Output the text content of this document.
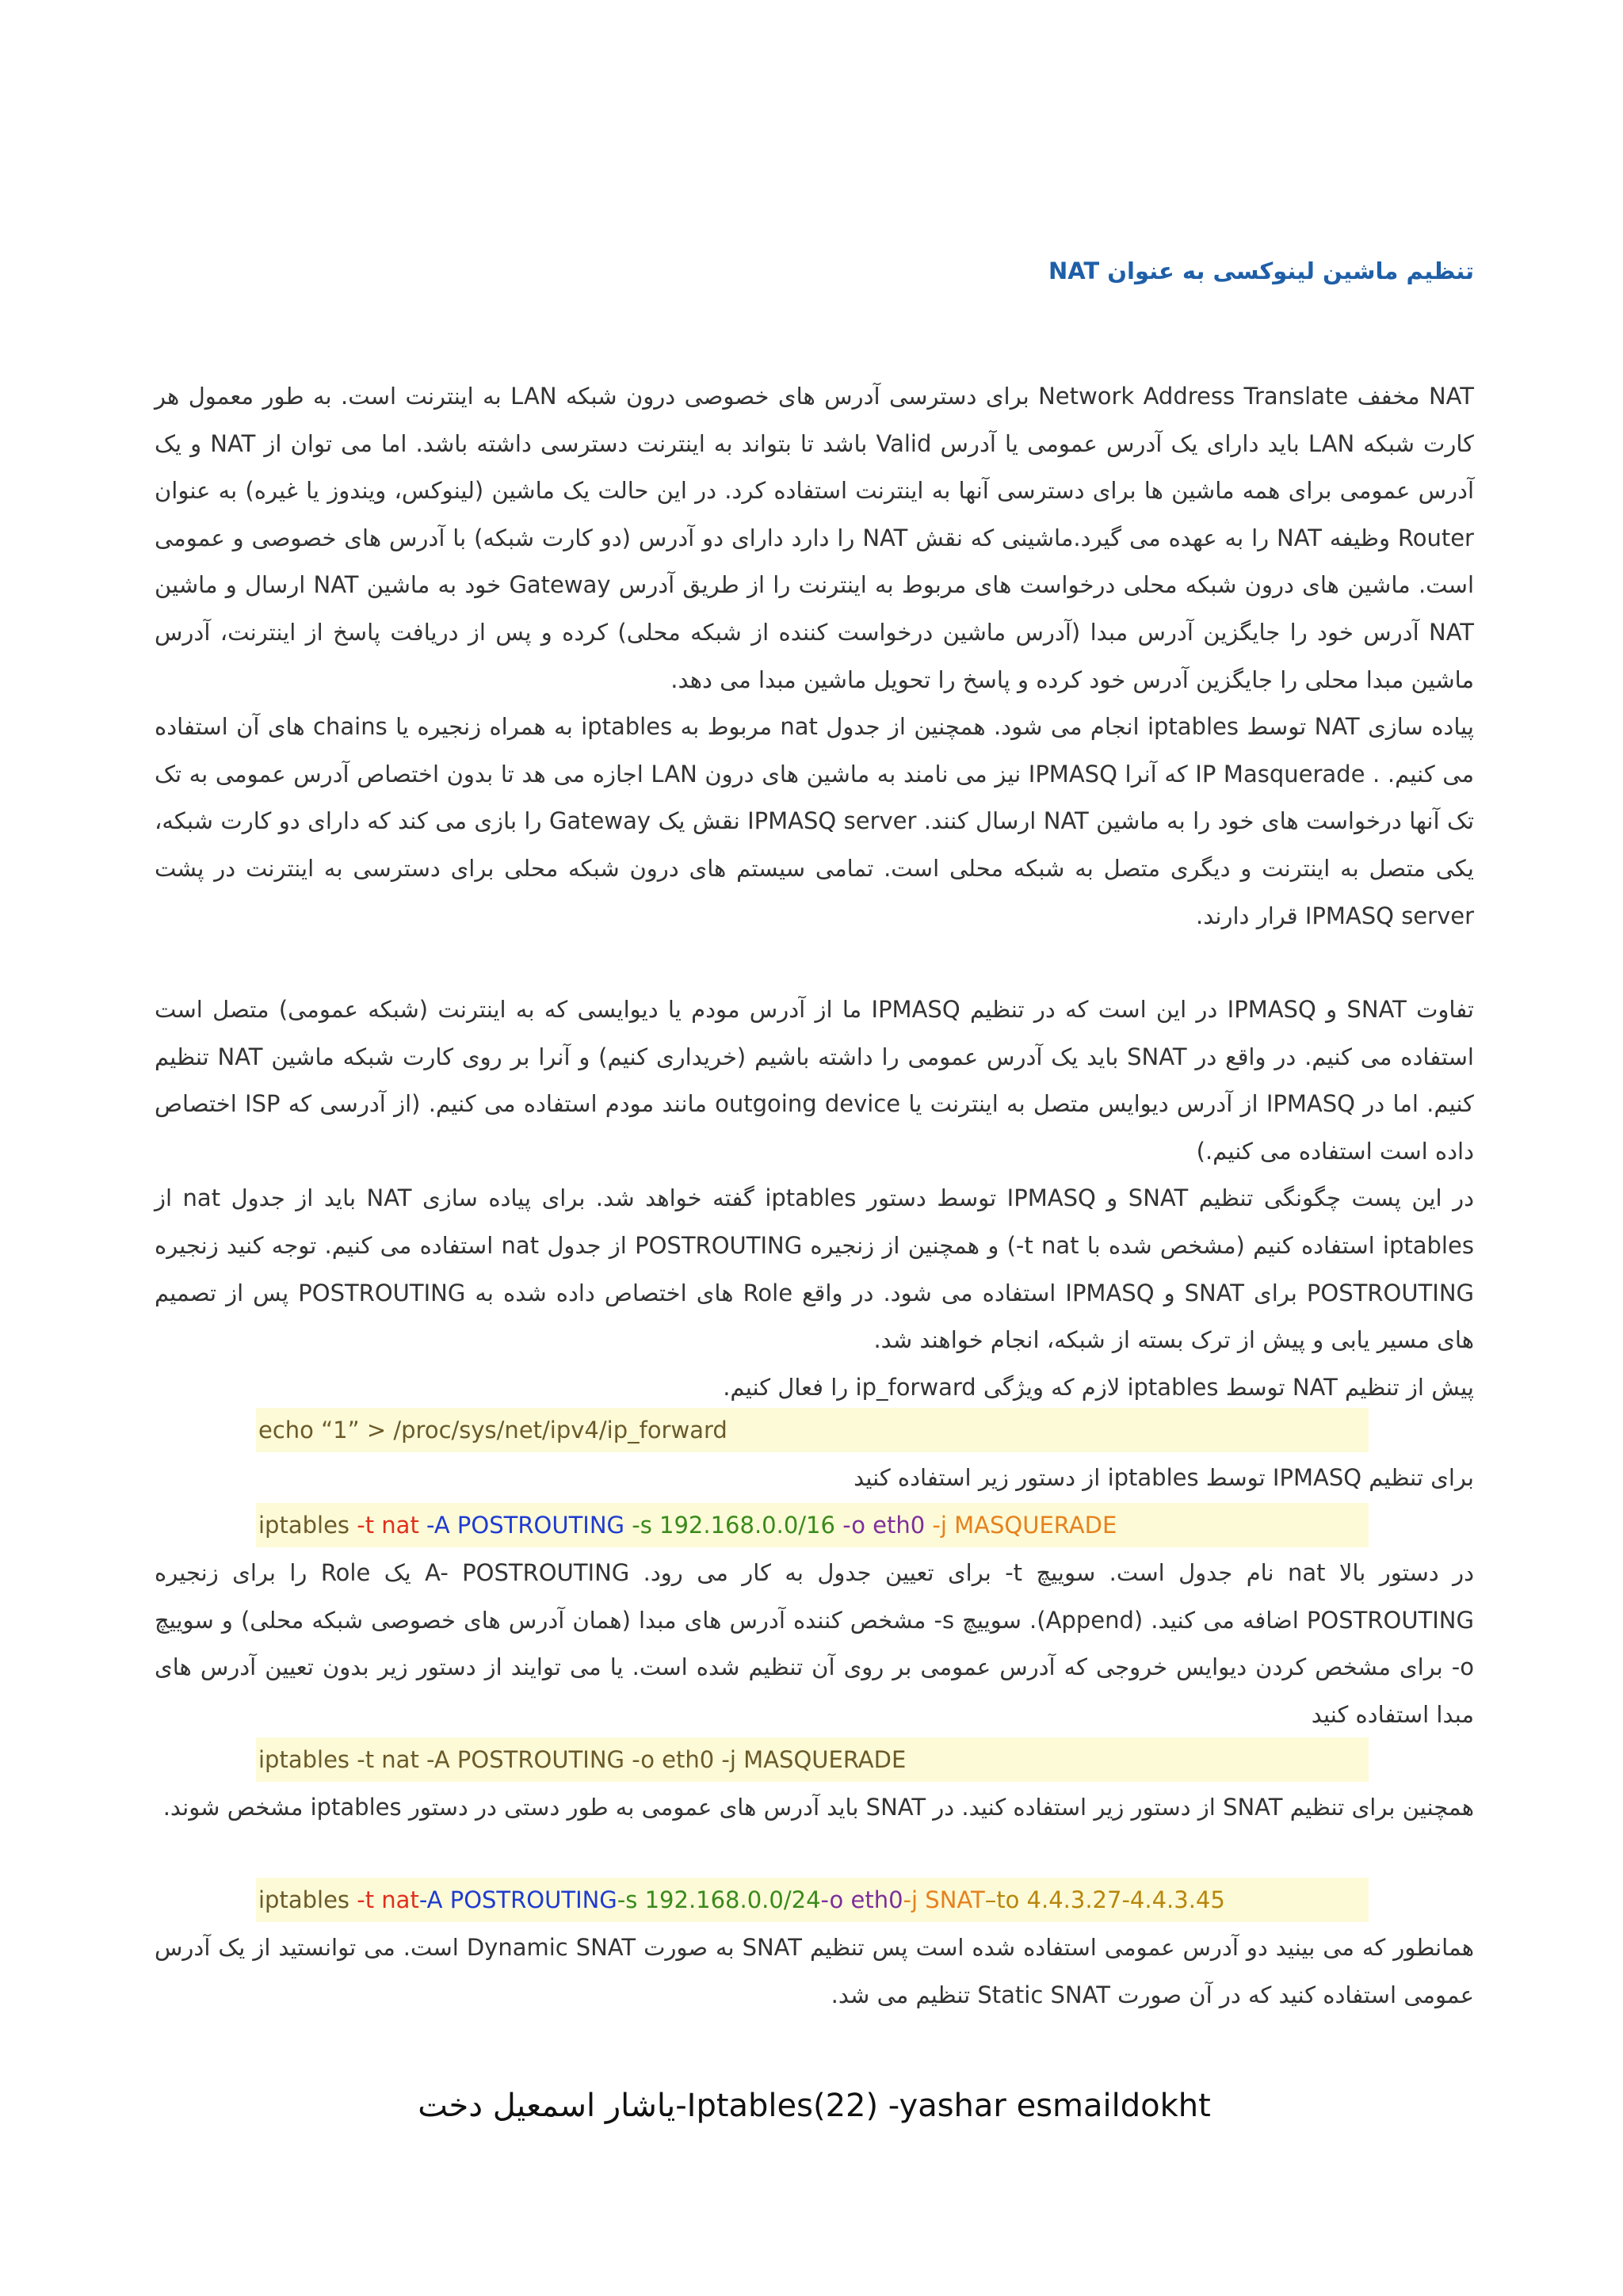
تنظیم ماشین لینوکسی به عنوان NAT

NAT مخفف Network Address Translate برای دسترسی آدرس های خصوصی درون شبکه LAN به اینترنت است. به طور معمول هر کارت شبکه LAN باید دارای یک آدرس عمومی یا آدرس Valid باشد تا بتواند به اینترنت دسترسی داشته باشد. اما می توان از NAT و یک آدرس عمومی برای همه ماشین ها برای دسترسی آنها به اینترنت استفاده کرد. در این حالت یک ماشین (لینوکس، ویندوز یا غیره) به عنوان Router وظیفه NAT را به عهده می گیرد.ماشینی که نقش NAT را دارد دارای دو آدرس (دو کارت شبکه) با آدرس های خصوصی و عمومی است. ماشین های درون شبکه محلی درخواست های مربوط به اینترنت را از طریق آدرس Gateway خود به ماشین NAT ارسال و ماشین NAT آدرس خود را جایگزین آدرس مبدا (آدرس ماشین درخواست کننده از شبکه محلی) کرده و پس از دریافت پاسخ از اینترنت، آدرس ماشین مبدا محلی را جایگزین آدرس خود کرده و پاسخ را تحویل ماشین مبدا می دهد.

پیاده سازی NAT توسط iptables انجام می شود. همچنین از جدول nat مربوط به iptables به همراه زنجیره یا chains های آن استفاده می کنیم. . IP Masquerade که آنرا IPMASQ نیز می نامند به ماشین های درون LAN اجازه می هد تا بدون اختصاص آدرس عمومی به تک تک آنها درخواست های خود را به ماشین NAT ارسال کنند. IPMASQ server نقش یک Gateway را بازی می کند که دارای دو کارت شبکه، یکی متصل به اینترنت و دیگری متصل به شبکه محلی است. تمامی سیستم های درون شبکه محلی برای دسترسی به اینترنت در پشت IPMASQ server قرار دارند.

تفاوت SNAT و IPMASQ در این است که در تنظیم IPMASQ ما از آدرس مودم یا دیوایسی که به اینترنت (شبکه عمومی) متصل است استفاده می کنیم. در واقع در SNAT باید یک آدرس عمومی را داشته باشیم (خریداری کنیم) و آنرا بر روی کارت شبکه ماشین NAT تنظیم کنیم. اما در IPMASQ از آدرس دیوایس متصل به اینترنت یا outgoing device مانند مودم استفاده می کنیم. (از آدرسی که ISP اختصاص داده است استفاده می کنیم.)

در این پست چگونگی تنظیم SNAT و IPMASQ توسط دستور iptables گفته خواهد شد. برای پیاده سازی NAT باید از جدول nat از iptables استفاده کنیم (مشخص شده با t nat-) و همچنین از زنجیره POSTROUTING از جدول nat استفاده می کنیم. توجه کنید زنجیره POSTROUTING برای SNAT و IPMASQ استفاده می شود. در واقع Role های اختصاص داده شده به POSTROUTING پس از تصمیم های مسیر یابی و پیش از ترک بسته از شبکه، انجام خواهند شد.

پیش از تنظیم NAT توسط iptables لازم که ویژگی ip_forward را فعال کنیم.

echo “1” > /proc/sys/net/ipv4/ip_forward

برای تنظیم IPMASQ توسط iptables از دستور زیر استفاده کنید

iptables -t nat -A POSTROUTING -s 192.168.0.0/16 -o eth0 -j MASQUERADE

در دستور بالا nat نام جدول است. سوییچ t- برای تعیین جدول به کار می رود. A- POSTROUTING یک Role را برای زنجیره POSTROUTING اضافه می کنید. (Append). سوییچ s- مشخص کننده آدرس های مبدا (همان آدرس های خصوصی شبکه محلی) و سوییچ o- برای مشخص کردن دیوایس خروجی که آدرس عمومی بر روی آن تنظیم شده است. یا می توایند از دستور زیر بدون تعیین آدرس های مبدا استفاده کنید

iptables -t nat -A POSTROUTING -o eth0 -j MASQUERADE

همچنین برای تنظیم SNAT از دستور زیر استفاده کنید. در SNAT باید آدرس های عمومی به طور دستی در دستور iptables مشخص شوند.

iptables -t nat-A POSTROUTING-s 192.168.0.0/24-o eth0-j SNAT–to 4.4.3.27-4.4.3.45

همانطور که می بینید دو آدرس عمومی استفاده شده است پس تنظیم SNAT به صورت Dynamic SNAT است. می توانستید از یک آدرس عمومی استفاده کنید که در آن صورت Static SNAT تنظیم می شد.

Iptables(22) -yashar esmaildokht-یاشار اسمعیل دخت
